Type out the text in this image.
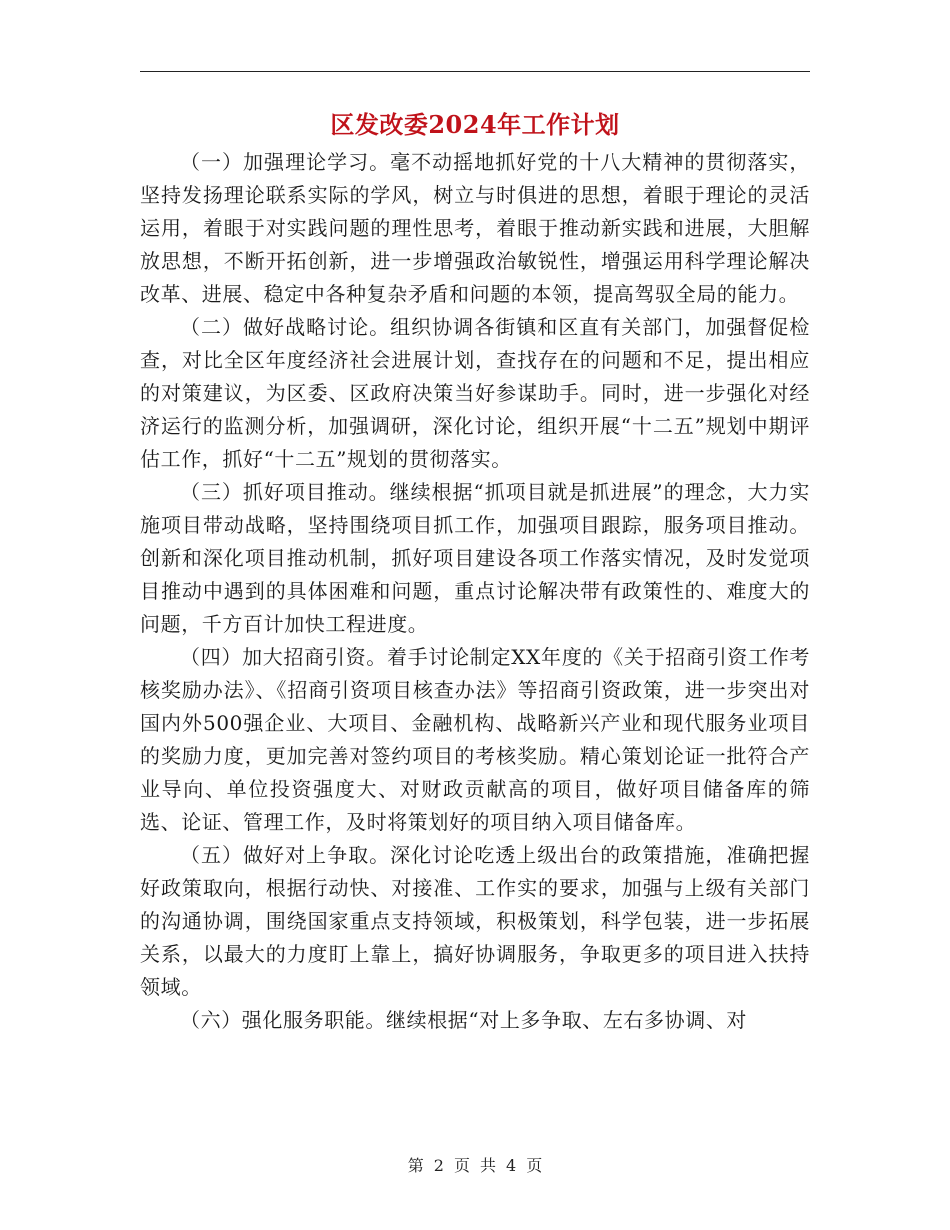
区发改委2024年工作计划

（一）加强理论学习。毫不动摇地抓好党的十八大精神的贯彻落实，坚持发扬理论联系实际的学风，树立与时俱进的思想，着眼于理论的灵活运用，着眼于对实践问题的理性思考，着眼于推动新实践和进展，大胆解放思想，不断开拓创新，进一步增强政治敏锐性，增强运用科学理论解决改革、进展、稳定中各种复杂矛盾和问题的本领，提高驾驭全局的能力。

（二）做好战略讨论。组织协调各街镇和区直有关部门，加强督促检查，对比全区年度经济社会进展计划，查找存在的问题和不足，提出相应的对策建议，为区委、区政府决策当好参谋助手。同时，进一步强化对经济运行的监测分析，加强调研，深化讨论，组织开展“十二五”规划中期评估工作，抓好“十二五”规划的贯彻落实。

（三）抓好项目推动。继续根据“抓项目就是抓进展”的理念，大力实施项目带动战略，坚持围绕项目抓工作，加强项目跟踪，服务项目推动。创新和深化项目推动机制，抓好项目建设各项工作落实情况，及时发觉项目推动中遇到的具体困难和问题，重点讨论解决带有政策性的、难度大的问题，千方百计加快工程进度。

（四）加大招商引资。着手讨论制定XX年度的《关于招商引资工作考核奖励办法》、《招商引资项目核查办法》等招商引资政策，进一步突出对国内外500强企业、大项目、金融机构、战略新兴产业和现代服务业项目的奖励力度，更加完善对签约项目的考核奖励。精心策划论证一批符合产业导向、单位投资强度大、对财政贡献高的项目，做好项目储备库的筛选、论证、管理工作，及时将策划好的项目纳入项目储备库。

（五）做好对上争取。深化讨论吃透上级出台的政策措施，准确把握好政策取向，根据行动快、对接准、工作实的要求，加强与上级有关部门的沟通协调，围绕国家重点支持领域，积极策划，科学包装，进一步拓展关系，以最大的力度盯上靠上，搞好协调服务，争取更多的项目进入扶持领域。

（六）强化服务职能。继续根据“对上多争取、左右多协调、对

第 2 页 共 4 页
